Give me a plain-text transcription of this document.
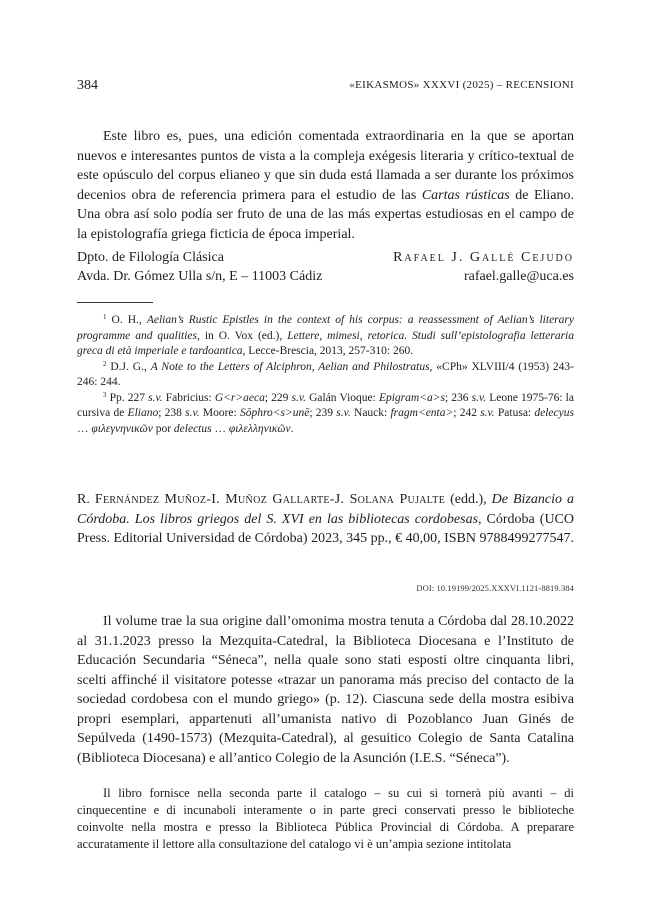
384	«EIKASMOS» XXXVI (2025) – RECENSIONI

Este libro es, pues, una edición comentada extraordinaria en la que se aportan nuevos e interesantes puntos de vista a la compleja exégesis literaria y crítico-textual de este opúsculo del corpus elianeo y que sin duda está llamada a ser durante los próximos decenios obra de referencia primera para el estudio de las Cartas rústicas de Eliano. Una obra así solo podía ser fruto de una de las más expertas estudiosas en el campo de la epistolografía griega ficticia de época imperial.

Dpto. de Filología Clásica	Rafael J. Gallé Cejudo
Avda. Dr. Gómez Ulla s/n, E – 11003 Cádiz	rafael.galle@uca.es

$^1$ O. H., Aelian’s Rustic Epistles in the context of his corpus: a reassessment of Aelian’s literary programme and qualities, in O. Vox (ed.), Lettere, mimesi, retorica. Studi sull’epistolografia letteraria greca di età imperiale e tardoantica, Lecce-Brescia, 2013, 257-310: 260.

$^2$ D.J. G., A Note to the Letters of Alciphron, Aelian and Philostratus, «CPh» XLVIII/4 (1953) 243-246: 244.

$^3$ Pp. 227 s.v. Fabricius: G<r>aeca; 229 s.v. Galán Vioque: Epigram<a>s; 236 s.v. Leone 1975-76: la cursiva de Eliano; 238 s.v. Moore: Sōphro<s>unē; 239 s.v. Nauck: fragm<enta>; 242 s.v. Patusa: delecyus … φιλεγνηνικῶν por delectus … φιλελληνικῶν.

R. Fernández Muñoz-I. Muñoz Gallarte-J. Solana Pujalte (edd.), De Bizancio a Córdoba. Los libros griegos del S. XVI en las bibliotecas cordobesas, Córdoba (UCO Press. Editorial Universidad de Córdoba) 2023, 345 pp., € 40,00, ISBN 9788499277547.

DOI: 10.19199/2025.XXXVI.1121-8819.384

Il volume trae la sua origine dall’omonima mostra tenuta a Córdoba dal 28.10.2022 al 31.1.2023 presso la Mezquita-Catedral, la Biblioteca Diocesana e l’Instituto de Educación Secundaria “Séneca”, nella quale sono stati esposti oltre cinquanta libri, scelti affinché il visitatore potesse «trazar un panorama más preciso del contacto de la sociedad cordobesa con el mundo griego» (p. 12). Ciascuna sede della mostra esibiva propri esemplari, appartenuti all’umanista nativo di Pozoblanco Juan Ginés de Sepúlveda (1490-1573) (Mezquita-Catedral), al gesuitico Colegio de Santa Catalina (Biblioteca Diocesana) e all’antico Colegio de la Asunción (I.E.S. “Séneca”).

Il libro fornisce nella seconda parte il catalogo – su cui si tornerà più avanti – di cinquecentine e di incunaboli interamente o in parte greci conservati presso le biblioteche coinvolte nella mostra e presso la Biblioteca Pública Provincial di Córdoba. A preparare accuratamente il lettore alla consultazione del catalogo vi è un’ampia sezione intitolata
